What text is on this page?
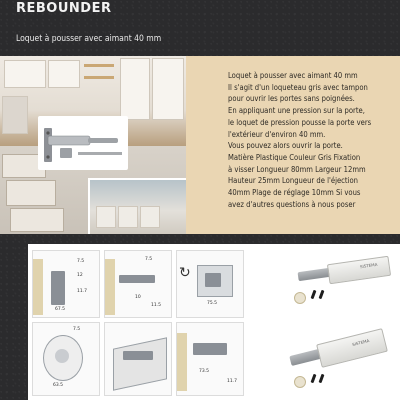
REBOUNDER
Loquet à pousser avec aimant 40 mm
Loquet à pousser avec aimant 40 mm
Il s'agit d'un loqueteau gris avec tampon
pour ouvrir les portes sans poignées.
En appliquant une pression sur la porte,
le loquet de pression pousse la porte vers
l'extérieur d'environ 40 mm.
Vous pouvez alors ouvrir la porte.
Matière Plastique Couleur Gris Fixation
à visser Longueur 80mm Largeur 12mm
Hauteur 25mm Longueur de l'éjection
40mm Plage de réglage 10mm Si vous
avez d'autres questions à nous poser
7.5
12
11.7
67.5
7.5
10
11.5	75.5
↻
7.5
63.5
73.5
11.7
SISTEMA
SISTEMA
